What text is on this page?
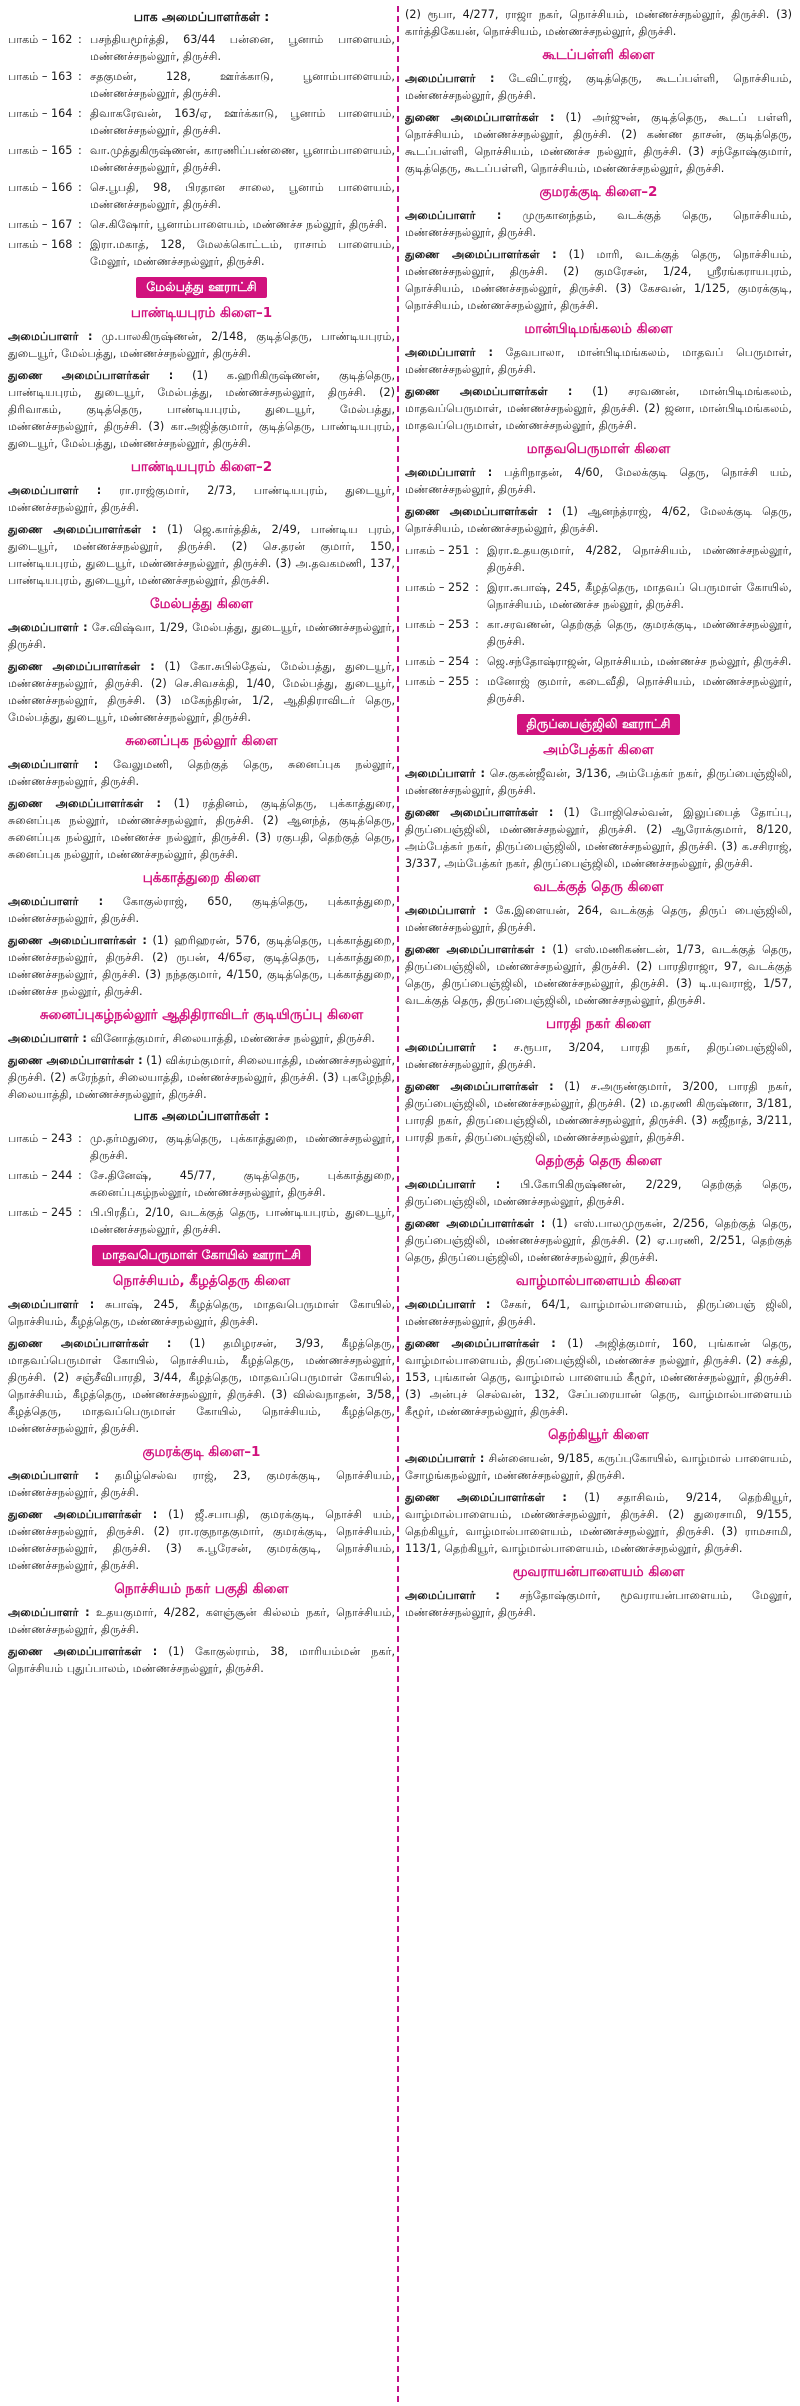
பாக அமைப்பாளர்கள் :
பாகம் – 162 : பசந்தியமூர்த்தி, 63/44 பன்னை, பூனாம் பாளையம், மண்ணச்சநல்லூர், திருச்சி.
பாகம் – 163 : சதகுமன், 128, ஊர்க்காடு, பூனாம்பாளையம், மண்ணச்சநல்லூர், திருச்சி.
பாகம் – 164 : திவாகரேவன், 163/ஏ, ஊர்க்காடு, பூனாம் பாளையம், மண்ணச்சநல்லூர், திருச்சி.
பாகம் – 165 : வா.முத்துகிருஷ்ணன், காரணிப்பண்ணை, பூனாம்பாளையம், மண்ணச்சநல்லூர், திருச்சி.
பாகம் – 166 : செ.பூபதி, 98, பிரதான சாலை, பூனாம் பாளையம், மண்ணச்சநல்லூர், திருச்சி.
பாகம் – 167 : செ.கிஷோர், பூனாம்பாளையம், மண்ணச்ச நல்லூர், திருச்சி.
பாகம் – 168 : இரா.மகாத், 128, மேலக்கொட்டம், ராசாம் பாளையம், மேலூர், மண்ணச்சநல்லூர், திருச்சி.
மேல்பத்து ஊராட்சி
பாண்டியபுரம் கிளை–1
அமைப்பாளர் : மு.பாலகிருஷ்ணன், 2/148, குடித்தெரு, பாண்டியபுரம், துடையூர், மேல்பத்து, மண்ணச்சநல்லூர், திருச்சி.
துணை அமைப்பாளர்கள் : (1) க.ஹரிகிருஷ்ணன், குடித்தெரு, பாண்டியபுரம், துடையூர், மேல்பத்து, மண்ணச்சநல்லூர், திருச்சி. (2) திரிவாகம், குடித்தெரு, பாண்டியபுரம், துடையூர், மேல்பத்து, மண்ணச்சநல்லூர், திருச்சி. (3) கா.அஜித்குமார், குடித்தெரு, பாண்டியபுரம், துடையூர், மேல்பத்து, மண்ணச்சநல்லூர், திருச்சி.
பாண்டியபுரம் கிளை–2
அமைப்பாளர் : ரா.ராஜ்குமார், 2/73, பாண்டியபுரம், துடையூர், மண்ணச்சநல்லூர், திருச்சி.
துணை அமைப்பாளர்கள் : (1) ஜெ.கார்த்திக், 2/49, பாண்டிய புரம், துடையூர், மண்ணச்சநல்லூர், திருச்சி. (2) செ.தரன் குமார், 150, பாண்டியபுரம், துடையூர், மண்ணச்சநல்லூர், திருச்சி. (3) அ.தவகமணி, 137, பாண்டியபுரம், துடையூர், மண்ணச்சநல்லூர், திருச்சி.
மேல்பத்து கிளை
அமைப்பாளர் : சே.விஷ்வா, 1/29, மேல்பத்து, துடையூர், மண்ணச்சநல்லூர், திருச்சி.
துணை அமைப்பாளர்கள் : (1) கோ.சுபில்தேவ், மேல்பத்து, துடையூர், மண்ணச்சநல்லூர், திருச்சி. (2) செ.சிவசக்தி, 1/40, மேல்பத்து, துடையூர், மண்ணச்சநல்லூர், திருச்சி. (3) மகேந்திரன், 1/2, ஆதிதிராவிடர் தெரு, மேல்பத்து, துடையூர், மண்ணச்சநல்லூர், திருச்சி.
சுனைப்புக நல்லூர் கிளை
அமைப்பாளர் : வேலுமணி, தெற்குத் தெரு, சுனைப்புக நல்லூர், மண்ணச்சநல்லூர், திருச்சி.
துணை அமைப்பாளர்கள் : (1) ரத்தினம், குடித்தெரு, புக்காத்துரை, சுனைப்புக நல்லூர், மண்ணச்சநல்லூர், திருச்சி. (2) ஆனந்த், குடித்தெரு, சுனைப்புக நல்லூர், மண்ணச்ச நல்லூர், திருச்சி. (3) ரகுபதி, தெற்குத் தெரு, சுனைப்புக நல்லூர், மண்ணச்சநல்லூர், திருச்சி.
புக்காத்துறை கிளை
அமைப்பாளர் : கோகுல்ராஜ், 650, குடித்தெரு, புக்காத்துறை, மண்ணச்சநல்லூர், திருச்சி.
துணை அமைப்பாளர்கள் : (1) ஹரிஹரன், 576, குடித்தெரு, புக்காத்துறை, மண்ணச்சநல்லூர், திருச்சி. (2) ருபன், 4/65ஏ, குடித்தெரு, புக்காத்துறை, மண்ணச்சநல்லூர், திருச்சி. (3) நந்தகுமார், 4/150, குடித்தெரு, புக்காத்துறை, மண்ணச்ச நல்லூர், திருச்சி.
சுனைப்புகழ்நல்லூர் ஆதிதிராவிடர் குடியிருப்பு கிளை
அமைப்பாளர் : வினோத்குமார், சிலையாத்தி, மண்ணச்ச நல்லூர், திருச்சி.
துணை அமைப்பாளர்கள் : (1) விக்ரம்குமார், சிலையாத்தி, மண்ணச்சநல்லூர், திருச்சி. (2) சுரேந்தர், சிலையாத்தி, மண்ணச்சநல்லூர், திருச்சி. (3) புகழேந்தி, சிலையாத்தி, மண்ணச்சநல்லூர், திருச்சி.
பாக அமைப்பாளர்கள் :
பாகம் – 243 : மு.தர்மதுரை, குடித்தெரு, புக்காத்துறை, மண்ணச்சநல்லூர், திருச்சி.
பாகம் – 244 : சே.தினேஷ், 45/77, குடித்தெரு, புக்காத்துறை, சுனைப்புகழ்நல்லூர், மண்ணச்சநல்லூர், திருச்சி.
பாகம் – 245 : பி.பிரதீப், 2/10, வடக்குத் தெரு, பாண்டியபுரம், துடையூர், மண்ணச்சநல்லூர், திருச்சி.
மாதவபெருமாள் கோயில் ஊராட்சி
நொச்சியம், கீழத்தெரு கிளை
அமைப்பாளர் : சுபாஷ், 245, கீழத்தெரு, மாதவபெருமாள் கோயில், நொச்சியம், கீழத்தெரு, மண்ணச்சநல்லூர், திருச்சி.
துணை அமைப்பாளர்கள் : (1) தமிழரசன், 3/93, கீழத்தெரு, மாதவப்பெருமாள் கோயில், நொச்சியம், கீழத்தெரு, மண்ணச்சநல்லூர், திருச்சி. (2) சஞ்சீவிபாரதி, 3/44, கீழத்தெரு, மாதவப்பெருமாள் கோயில், நொச்சியம், கீழத்தெரு, மண்ணச்சநல்லூர், திருச்சி. (3) வில்வநாதன், 3/58, கீழத்தெரு, மாதவப்பெருமாள் கோயில், நொச்சியம், கீழத்தெரு, மண்ணச்சநல்லூர், திருச்சி.
குமரக்குடி கிளை–1
அமைப்பாளர் : தமிழ்செல்வ ராஜ், 23, குமரக்குடி, நொச்சியம், மண்ணச்சநல்லூர், திருச்சி.
துணை அமைப்பாளர்கள் : (1) ஜீ.சபாபதி, குமரக்குடி, நொச்சி யம், மண்ணச்சநல்லூர், திருச்சி. (2) ரா.ரகுநாதகுமார், குமரக்குடி, நொச்சியம், மண்ணச்சநல்லூர், திருச்சி. (3) சு.பூரேசன், குமரக்குடி, நொச்சியம், மண்ணச்சநல்லூர், திருச்சி.
நொச்சியம் நகர் பகுதி கிளை
அமைப்பாளர் : உதயகுமார், 4/282, களஞ்சூன் கில்லம் நகர், நொச்சியம், மண்ணச்சநல்லூர், திருச்சி.
துணை அமைப்பாளர்கள் : (1) கோகுல்ராம், 38, மாரியம்மன் நகர், நொச்சியம் புதுப்பாலம், மண்ணச்சநல்லூர், திருச்சி.
(2) ரூபா, 4/277, ராஜா நகர், நொச்சியம், மண்ணச்சநல்லூர், திருச்சி. (3) கார்த்திகேயன், நொச்சியம், மண்ணச்சநல்லூர், திருச்சி.
கூடப்பள்ளி கிளை
அமைப்பாளர் : டேவிட்ராஜ், குடித்தெரு, கூடப்பள்ளி, நொச்சியம், மண்ணச்சநல்லூர், திருச்சி.
துணை அமைப்பாளர்கள் : (1) அர்ஜுன், குடித்தெரு, கூடப் பள்ளி, நொச்சியம், மண்ணச்சநல்லூர், திருச்சி. (2) கண்ண தாசன், குடித்தெரு, கூடப்பள்ளி, நொச்சியம், மண்ணச்ச நல்லூர், திருச்சி. (3) சந்தோஷ்குமார், குடித்தெரு, கூடப்பள்ளி, நொச்சியம், மண்ணச்சநல்லூர், திருச்சி.
குமரக்குடி கிளை–2
அமைப்பாளர் : முருகானந்தம், வடக்குத் தெரு, நொச்சியம், மண்ணச்சநல்லூர், திருச்சி.
துணை அமைப்பாளர்கள் : (1) மாரி, வடக்குத் தெரு, நொச்சியம், மண்ணச்சநல்லூர், திருச்சி. (2) குமரேசன், 1/24, ஸ்ரீரங்கராயபுரம், நொச்சியம், மண்ணச்சநல்லூர், திருச்சி. (3) கேசவன், 1/125, குமரக்குடி, நொச்சியம், மண்ணச்சநல்லூர், திருச்சி.
மான்பிடிமங்கலம் கிளை
அமைப்பாளர் : தேவபாலா, மான்பிடிமங்கலம், மாதவப் பெருமாள், மண்ணச்சநல்லூர், திருச்சி.
துணை அமைப்பாளர்கள் : (1) சரவணன், மான்பிடிமங்கலம், மாதவப்பெருமாள், மண்ணச்சநல்லூர், திருச்சி. (2) ஜனா, மான்பிடிமங்கலம், மாதவப்பெருமாள், மண்ணச்சநல்லூர், திருச்சி.
மாதவபெருமாள் கிளை
அமைப்பாளர் : பத்ரிநாதன், 4/60, மேலக்குடி தெரு, நொச்சி யம், மண்ணச்சநல்லூர், திருச்சி.
துணை அமைப்பாளர்கள் : (1) ஆனந்த்ராஜ், 4/62, மேலக்குடி தெரு, நொச்சியம், மண்ணச்சநல்லூர், திருச்சி.
பாகம் – 251 : இரா.உதயகுமார், 4/282, நொச்சியம், மண்ணச்சநல்லூர், திருச்சி.
பாகம் – 252 : இரா.சுபாஷ், 245, கீழத்தெரு, மாதவப் பெருமாள் கோயில், நொச்சியம், மண்ணச்ச நல்லூர், திருச்சி.
பாகம் – 253 : கா.சரவணன், தெற்குத் தெரு, குமரக்குடி, மண்ணச்சநல்லூர், திருச்சி.
பாகம் – 254 : ஜெ.சந்தோஷ்ராஜன், நொச்சியம், மண்ணச்ச நல்லூர், திருச்சி.
பாகம் – 255 : மனோஜ் குமார், கடைவீதி, நொச்சியம், மண்ணச்சநல்லூர், திருச்சி.
திருப்பைஞ்ஜிலி ஊராட்சி
அம்பேத்கர் கிளை
அமைப்பாளர் : செ.குகன்ஜீவன், 3/136, அம்பேத்கர் நகர், திருப்பைஞ்ஜிலி, மண்ணச்சநல்லூர், திருச்சி.
துணை அமைப்பாளர்கள் : (1) போஜிசெல்வன், இலுப்பைத் தோப்பு, திருப்பைஞ்ஜிலி, மண்ணச்சநல்லூர், திருச்சி. (2) ஆரோக்குமார், 8/120, அம்பேத்கர் நகர், திருப்பைஞ்ஜிலி, மண்ணச்சநல்லூர், திருச்சி. (3) க.சசிராஜ், 3/337, அம்பேத்கர் நகர், திருப்பைஞ்ஜிலி, மண்ணச்சநல்லூர், திருச்சி.
வடக்குத் தெரு கிளை
அமைப்பாளர் : கே.இளையன், 264, வடக்குத் தெரு, திருப் பைஞ்ஜிலி, மண்ணச்சநல்லூர், திருச்சி.
துணை அமைப்பாளர்கள் : (1) எஸ்.மணிகண்டன், 1/73, வடக்குத் தெரு, திருப்பைஞ்ஜிலி, மண்ணச்சநல்லூர், திருச்சி. (2) பாரதிராஜா, 97, வடக்குத் தெரு, திருப்பைஞ்ஜிலி, மண்ணச்சநல்லூர், திருச்சி. (3) டி.யுவராஜ், 1/57, வடக்குத் தெரு, திருப்பைஞ்ஜிலி, மண்ணச்சநல்லூர், திருச்சி.
பாரதி நகர் கிளை
அமைப்பாளர் : ச.ரூபா, 3/204, பாரதி நகர், திருப்பைஞ்ஜிலி, மண்ணச்சநல்லூர், திருச்சி.
துணை அமைப்பாளர்கள் : (1) ச.அருண்குமார், 3/200, பாரதி நகர், திருப்பைஞ்ஜிலி, மண்ணச்சநல்லூர், திருச்சி. (2) ம.தரணி கிருஷ்ணா, 3/181, பாரதி நகர், திருப்பைஞ்ஜிலி, மண்ணச்சநல்லூர், திருச்சி. (3) சுஜீநாத், 3/211, பாரதி நகர், திருப்பைஞ்ஜிலி, மண்ணச்சநல்லூர், திருச்சி.
தெற்குத் தெரு கிளை
அமைப்பாளர் : பி.கோபிகிருஷ்ணன், 2/229, தெற்குத் தெரு, திருப்பைஞ்ஜிலி, மண்ணச்சநல்லூர், திருச்சி.
துணை அமைப்பாளர்கள் : (1) எஸ்.பாலமுருகன், 2/256, தெற்குத் தெரு, திருப்பைஞ்ஜிலி, மண்ணச்சநல்லூர், திருச்சி. (2) ஏ.பரணி, 2/251, தெற்குத் தெரு, திருப்பைஞ்ஜிலி, மண்ணச்சநல்லூர், திருச்சி.
வாழ்மால்பாளையம் கிளை
அமைப்பாளர் : சேகர், 64/1, வாழ்மால்பாளையம், திருப்பைஞ் ஜிலி, மண்ணச்சநல்லூர், திருச்சி.
துணை அமைப்பாளர்கள் : (1) அஜித்குமார், 160, புங்கான் தெரு, வாழ்மால்பாளையம், திருப்பைஞ்ஜிலி, மண்ணச்ச நல்லூர், திருச்சி. (2) சக்தி, 153, புங்கான் தெரு, வாழ்மால் பாளையம் கீழூர், மண்ணச்சநல்லூர், திருச்சி. (3) அன்புச் செல்வன், 132, சேப்பரையான் தெரு, வாழ்மால்பாளையம் கீழூர், மண்ணச்சநல்லூர், திருச்சி.
தெற்கியூர் கிளை
அமைப்பாளர் : சின்னையன், 9/185, கருப்புகோயில், வாழ்மால் பாளையம், சோழங்கநல்லூர், மண்ணச்சநல்லூர், திருச்சி.
துணை அமைப்பாளர்கள் : (1) சதாசிவம், 9/214, தெற்கியூர், வாழ்மால்பாளையம், மண்ணச்சநல்லூர், திருச்சி. (2) துரைசாமி, 9/155, தெற்கியூர், வாழ்மால்பாளையம், மண்ணச்சநல்லூர், திருச்சி. (3) ராமசாமி, 113/1, தெற்கியூர், வாழ்மால்பாளையம், மண்ணச்சநல்லூர், திருச்சி.
மூவராயன்பாளையம் கிளை
அமைப்பாளர் : சந்தோஷ்குமார், மூவராயன்பாளையம், மேலூர், மண்ணச்சநல்லூர், திருச்சி.
